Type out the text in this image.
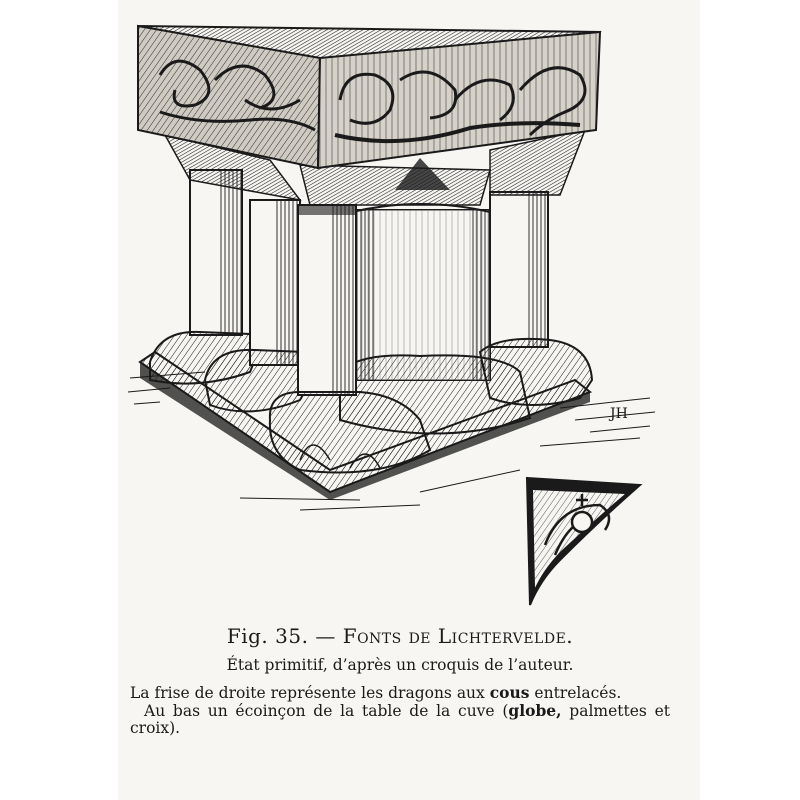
JH

Fig. 35. — Fonts de Lichtervelde.

État primitif, d’après un croquis de l’auteur.

La frise de droite représente les dragons aux cous entrelacés.

Au bas un écoinçon de la table de la cuve (globe, palmettes et croix).
